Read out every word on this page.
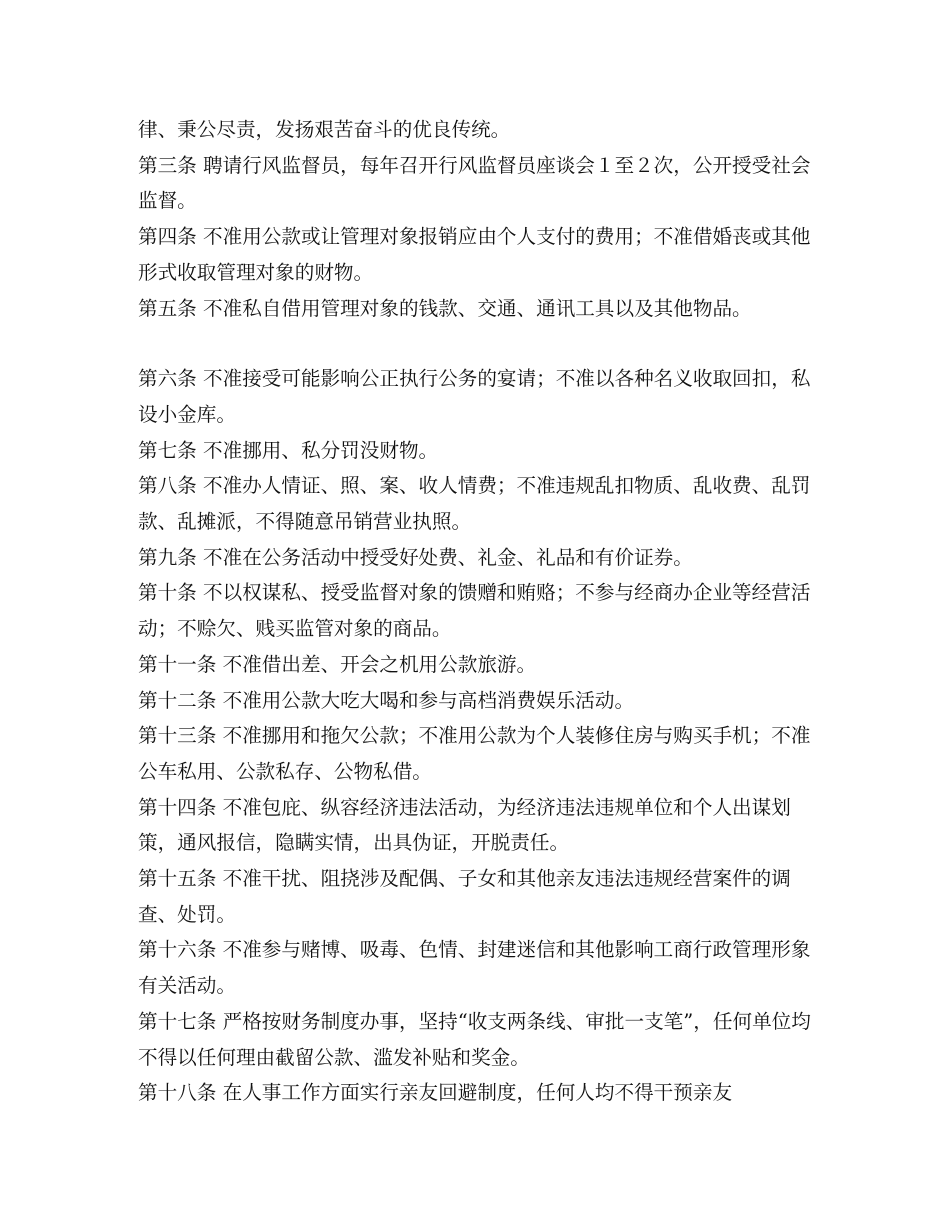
律、秉公尽责，发扬艰苦奋斗的优良传统。

第三条 聘请行风监督员，每年召开行风监督员座谈会１至２次，公开授受社会监督。

第四条 不准用公款或让管理对象报销应由个人支付的费用；不准借婚丧或其他形式收取管理对象的财物。

第五条 不准私自借用管理对象的钱款、交通、通讯工具以及其他物品。

第六条 不准接受可能影响公正执行公务的宴请；不准以各种名义收取回扣，私设小金库。

第七条 不准挪用、私分罚没财物。

第八条 不准办人情证、照、案、收人情费；不准违规乱扣物质、乱收费、乱罚款、乱摊派，不得随意吊销营业执照。

第九条 不准在公务活动中授受好处费、礼金、礼品和有价证券。

第十条 不以权谋私、授受监督对象的馈赠和贿赂；不参与经商办企业等经营活动；不赊欠、贱买监管对象的商品。

第十一条 不准借出差、开会之机用公款旅游。

第十二条 不准用公款大吃大喝和参与高档消费娱乐活动。

第十三条 不准挪用和拖欠公款；不准用公款为个人装修住房与购买手机；不准公车私用、公款私存、公物私借。

第十四条 不准包庇、纵容经济违法活动，为经济违法违规单位和个人出谋划策，通风报信，隐瞒实情，出具伪证，开脱责任。

第十五条 不准干扰、阻挠涉及配偶、子女和其他亲友违法违规经营案件的调查、处罚。

第十六条 不准参与赌博、吸毒、色情、封建迷信和其他影响工商行政管理形象有关活动。

第十七条 严格按财务制度办事，坚持“收支两条线、审批一支笔”，任何单位均不得以任何理由截留公款、滥发补贴和奖金。

第十八条 在人事工作方面实行亲友回避制度，任何人均不得干预亲友
